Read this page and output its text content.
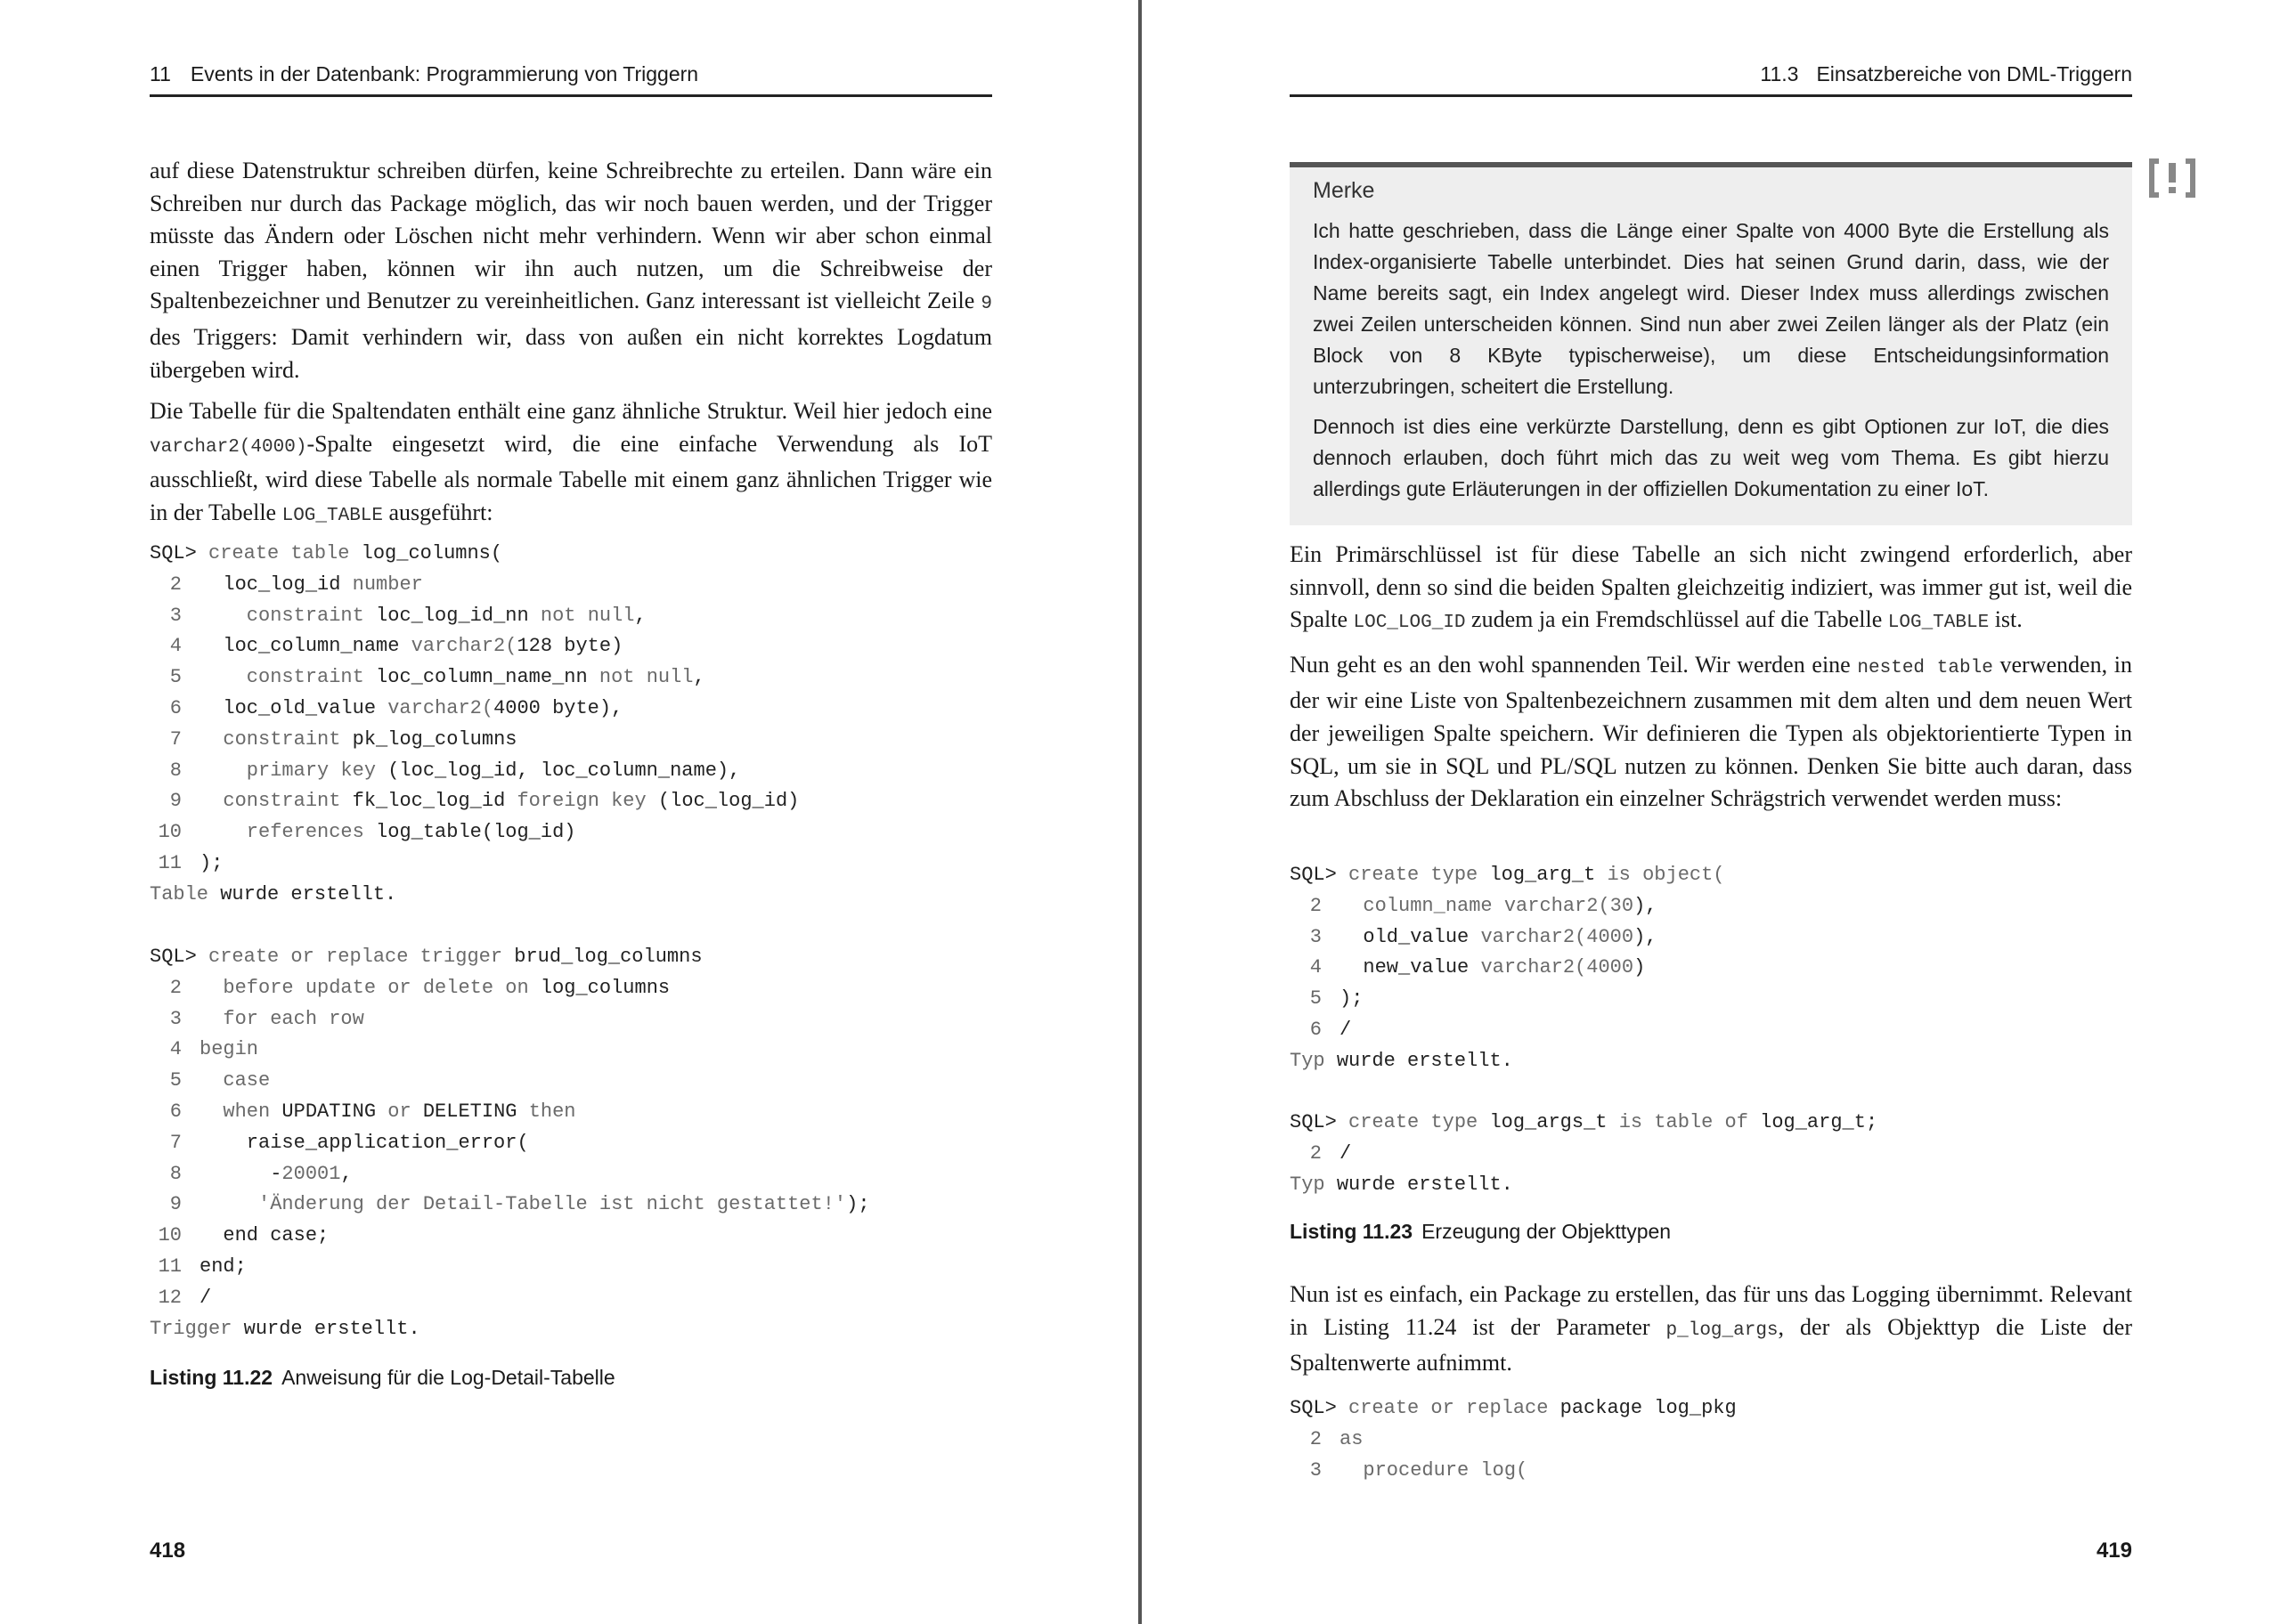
11 Events in der Datenbank: Programmierung von Triggern

auf diese Datenstruktur schreiben dürfen, keine Schreibrechte zu erteilen. Dann wäre ein Schreiben nur durch das Package möglich, das wir noch bauen werden, und der Trigger müsste das Ändern oder Löschen nicht mehr verhindern. Wenn wir aber schon einmal einen Trigger haben, können wir ihn auch nutzen, um die Schreibweise der Spaltenbezeichner und Benutzer zu vereinheitlichen. Ganz interessant ist vielleicht Zeile 9 des Triggers: Damit verhindern wir, dass von außen ein nicht korrektes Logdatum übergeben wird.

Die Tabelle für die Spaltendaten enthält eine ganz ähnliche Struktur. Weil hier jedoch eine varchar2(4000)-Spalte eingesetzt wird, die eine einfache Verwendung als IoT ausschließt, wird diese Tabelle als normale Tabelle mit einem ganz ähnlichen Trigger wie in der Tabelle LOG_TABLE ausgeführt:

SQL> create table log_columns(
2  loc_log_id number
3    constraint loc_log_id_nn not null,
4  loc_column_name varchar2(128 byte)
5    constraint loc_column_name_nn not null,
6  loc_old_value varchar2(4000 byte),
7  constraint pk_log_columns
8    primary key (loc_log_id, loc_column_name),
9  constraint fk_loc_log_id foreign key (loc_log_id)
10    references log_table(log_id)
11 );
Table wurde erstellt.
SQL> create or replace trigger brud_log_columns
2  before update or delete on log_columns
3  for each row
4 begin
5  case
6  when UPDATING or DELETING then
7    raise_application_error(
8      -20001,
9     'Änderung der Detail-Tabelle ist nicht gestattet!');
10  end case;
11 end;
12 /
Trigger wurde erstellt.
Listing 11.22 Anweisung für die Log-Detail-Tabelle
418
11.3 Einsatzbereiche von DML-Triggern
Merke

Ich hatte geschrieben, dass die Länge einer Spalte von 4000 Byte die Erstellung als Index-organisierte Tabelle unterbindet. Dies hat seinen Grund darin, dass, wie der Name bereits sagt, ein Index angelegt wird. Dieser Index muss allerdings zwischen zwei Zeilen unterscheiden können. Sind nun aber zwei Zeilen länger als der Platz (ein Block von 8 KByte typischerweise), um diese Entscheidungsinformation unterzubringen, scheitert die Erstellung.

Dennoch ist dies eine verkürzte Darstellung, denn es gibt Optionen zur IoT, die dies dennoch erlauben, doch führt mich das zu weit weg vom Thema. Es gibt hierzu allerdings gute Erläuterungen in der offiziellen Dokumentation zu einer IoT.

Ein Primärschlüssel ist für diese Tabelle an sich nicht zwingend erforderlich, aber sinnvoll, denn so sind die beiden Spalten gleichzeitig indiziert, was immer gut ist, weil die Spalte LOC_LOG_ID zudem ja ein Fremdschlüssel auf die Tabelle LOG_TABLE ist.

Nun geht es an den wohl spannenden Teil. Wir werden eine nested table verwenden, in der wir eine Liste von Spaltenbezeichnern zusammen mit dem alten und dem neuen Wert der jeweiligen Spalte speichern. Wir definieren die Typen als objektorientierte Typen in SQL, um sie in SQL und PL/SQL nutzen zu können. Denken Sie bitte auch daran, dass zum Abschluss der Deklaration ein einzelner Schrägstrich verwendet werden muss:

SQL> create type log_arg_t is object(
2  column_name varchar2(30),
3  old_value varchar2(4000),
4  new_value varchar2(4000)
5 );
6 /
Typ wurde erstellt.
SQL> create type log_args_t is table of log_arg_t;
2 /
Typ wurde erstellt.
Listing 11.23 Erzeugung der Objekttypen

Nun ist es einfach, ein Package zu erstellen, das für uns das Logging übernimmt. Relevant in Listing 11.24 ist der Parameter p_log_args, der als Objekttyp die Liste der Spaltenwerte aufnimmt.

SQL> create or replace package log_pkg
2 as
3  procedure log(
419
